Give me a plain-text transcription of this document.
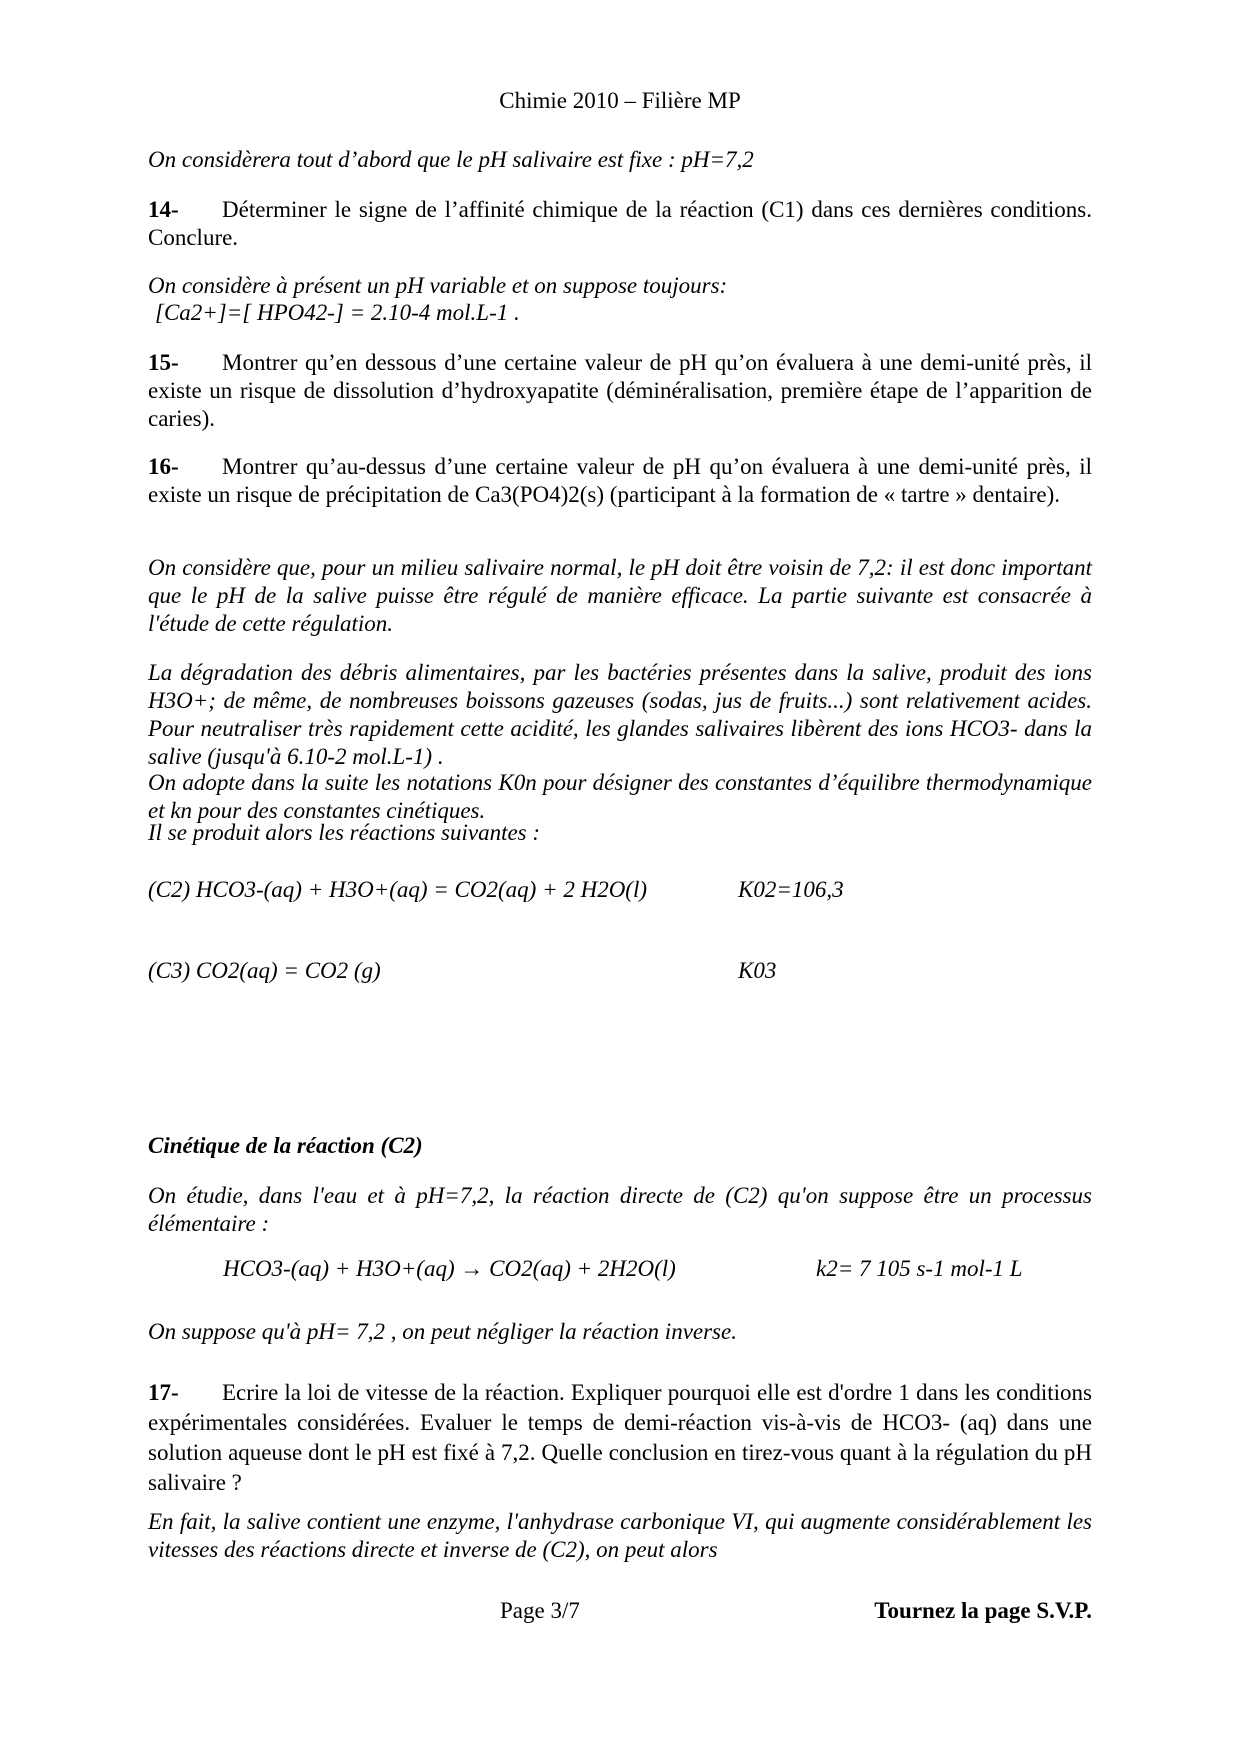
Chimie 2010 – Filière MP
On considèrera tout d’abord que le pH salivaire est fixe : pH=7,2
14- Déterminer le signe de l’affinité chimique de la réaction (C1) dans ces dernières conditions. Conclure.
On considère à présent un pH variable et on suppose toujours:
[Ca2+]=[ HPO42-] = 2.10-4 mol.L-1 .
15- Montrer qu’en dessous d’une certaine valeur de pH qu’on évaluera à une demi-unité près, il existe un risque de dissolution d’hydroxyapatite (déminéralisation, première étape de l’apparition de caries).
16- Montrer qu’au-dessus d’une certaine valeur de pH qu’on évaluera à une demi-unité près, il existe un risque de précipitation de Ca3(PO4)2(s) (participant à la formation de « tartre » dentaire).
On considère que, pour un milieu salivaire normal, le pH doit être voisin de 7,2: il est donc important que le pH de la salive puisse être régulé de manière efficace. La partie suivante est consacrée à l'étude de cette régulation.
La dégradation des débris alimentaires, par les bactéries présentes dans la salive, produit des ions H3O+; de même, de nombreuses boissons gazeuses (sodas, jus de fruits...) sont relativement acides. Pour neutraliser très rapidement cette acidité, les glandes salivaires libèrent des ions HCO3- dans la salive (jusqu'à 6.10-2 mol.L-1) .
On adopte dans la suite les notations K0n pour désigner des constantes d’équilibre thermodynamique et kn pour des constantes cinétiques.
Il se produit alors les réactions suivantes :
(C2) HCO3-(aq) + H3O+(aq) = CO2(aq) + 2 H2O(l)	K02=106,3
(C3) CO2(aq) = CO2 (g)	K03
Cinétique de la réaction (C2)
On étudie, dans l'eau et à pH=7,2, la réaction directe de (C2) qu'on suppose être un processus élémentaire :
HCO3-(aq) + H3O+(aq) → CO2(aq) + 2H2O(l)	k2= 7 105 s-1 mol-1 L
On suppose qu'à pH= 7,2 , on peut négliger la réaction inverse.
17- Ecrire la loi de vitesse de la réaction. Expliquer pourquoi elle est d'ordre 1 dans les conditions expérimentales considérées. Evaluer le temps de demi-réaction vis-à-vis de HCO3- (aq) dans une solution aqueuse dont le pH est fixé à 7,2. Quelle conclusion en tirez-vous quant à la régulation du pH salivaire ?
En fait, la salive contient une enzyme, l'anhydrase carbonique VI, qui augmente considérablement les vitesses des réactions directe et inverse de (C2), on peut alors
Page 3/7	Tournez la page S.V.P.
